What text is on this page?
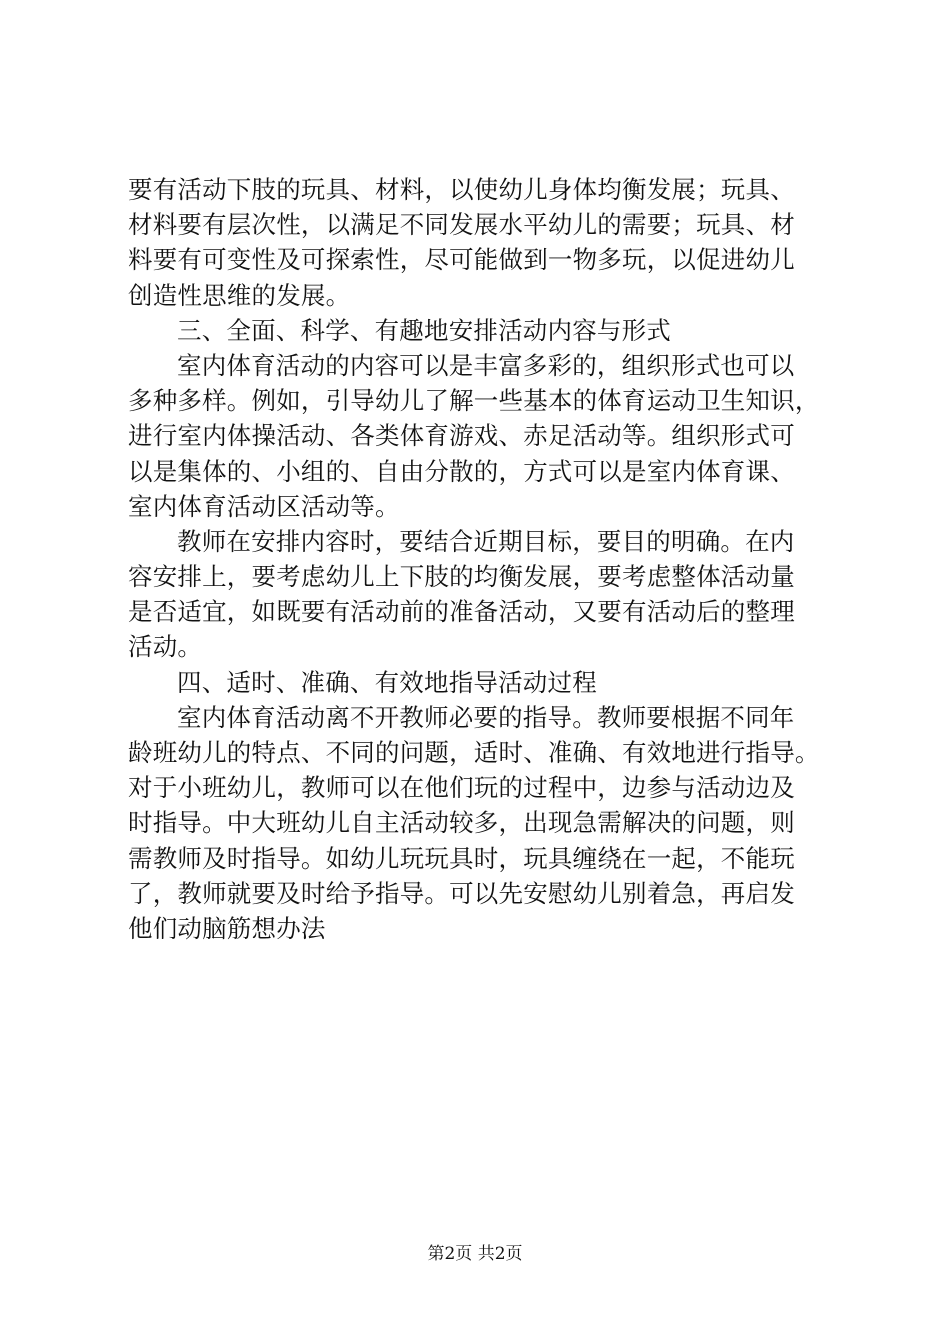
要有活动下肢的玩具、材料，以使幼儿身体均衡发展；玩具、
材料要有层次性，以满足不同发展水平幼儿的需要；玩具、材
料要有可变性及可探索性，尽可能做到一物多玩，以促进幼儿
创造性思维的发展。
三、全面、科学、有趣地安排活动内容与形式
室内体育活动的内容可以是丰富多彩的，组织形式也可以
多种多样。例如，引导幼儿了解一些基本的体育运动卫生知识，
进行室内体操活动、各类体育游戏、赤足活动等。组织形式可
以是集体的、小组的、自由分散的，方式可以是室内体育课、
室内体育活动区活动等。
教师在安排内容时，要结合近期目标，要目的明确。在内
容安排上，要考虑幼儿上下肢的均衡发展，要考虑整体活动量
是否适宜，如既要有活动前的准备活动，又要有活动后的整理
活动。
四、适时、准确、有效地指导活动过程
室内体育活动离不开教师必要的指导。教师要根据不同年
龄班幼儿的特点、不同的问题，适时、准确、有效地进行指导。
对于小班幼儿，教师可以在他们玩的过程中，边参与活动边及
时指导。中大班幼儿自主活动较多，出现急需解决的问题，则
需教师及时指导。如幼儿玩玩具时，玩具缠绕在一起，不能玩
了，教师就要及时给予指导。可以先安慰幼儿别着急，再启发
他们动脑筋想办法
第2页 共2页
